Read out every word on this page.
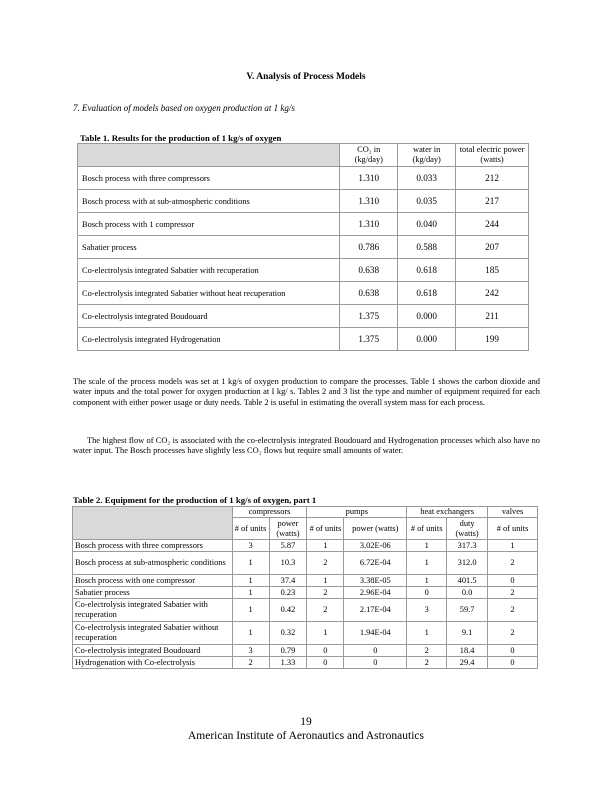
V. Analysis of Process Models
7. Evaluation of models based on oxygen production at 1 kg/s
Table 1. Results for the production of 1 kg/s of oxygen
	CO₂ in (kg/day)	water in (kg/day)	total electric power (watts)
Bosch process with three compressors	1.310	0.033	212
Bosch process with at sub-atmospheric conditions	1.310	0.035	217
Bosch process with 1 compressor	1.310	0.040	244
Sabatier process	0.786	0.588	207
Co-electrolysis integrated Sabatier with recuperation	0.638	0.618	185
Co-electrolysis integrated Sabatier without heat recuperation	0.638	0.618	242
Co-electrolysis integrated Boudouard	1.375	0.000	211
Co-electrolysis integrated Hydrogenation	1.375	0.000	199
The scale of the process models was set at 1 kg/s of oxygen production to compare the processes. Table 1 shows the carbon dioxide and water inputs and the total power for oxygen production at I kg/ s. Tables 2 and 3 list the type and number of equipment required for each component with either power usage or duty needs. Table 2 is useful in estimating the overall system mass for each process.
The highest flow of CO₂ is associated with the co-electrolysis integrated Boudouard and Hydrogenation processes which also have no water input. The Bosch processes have slightly less CO₂ flows but require small amounts of water.
Table 2. Equipment for the production of 1 kg/s of oxygen, part 1
	compressors		pumps		heat exchangers		valves
	# of units	power (watts)	# of units	power (watts)	# of units	duty (watts)	# of units
Bosch process with three compressors	3	5.87	1	3.02E-06	1	317.3	1
Bosch process at sub-atmospheric conditions	1	10.3	2	6.72E-04	1	312.0	2
Bosch process with one compressor	1	37.4	1	3.38E-05	1	401.5	0
Sabatier process	1	0.23	2	2.96E-04	0	0.0	2
Co-electrolysis integrated Sabatier with recuperation	1	0.42	2	2.17E-04	3	59.7	2
Co-electrolysis integrated Sabatier without recuperation	1	0.32	1	1.94E-04	1	9.1	2
Co-electrolysis integrated Boudouard	3	0.79	0	0	2	18.4	0
Hydrogenation with Co-electrolysis	2	1.33	0	0	2	29.4	0
19
American Institute of Aeronautics and Astronautics
